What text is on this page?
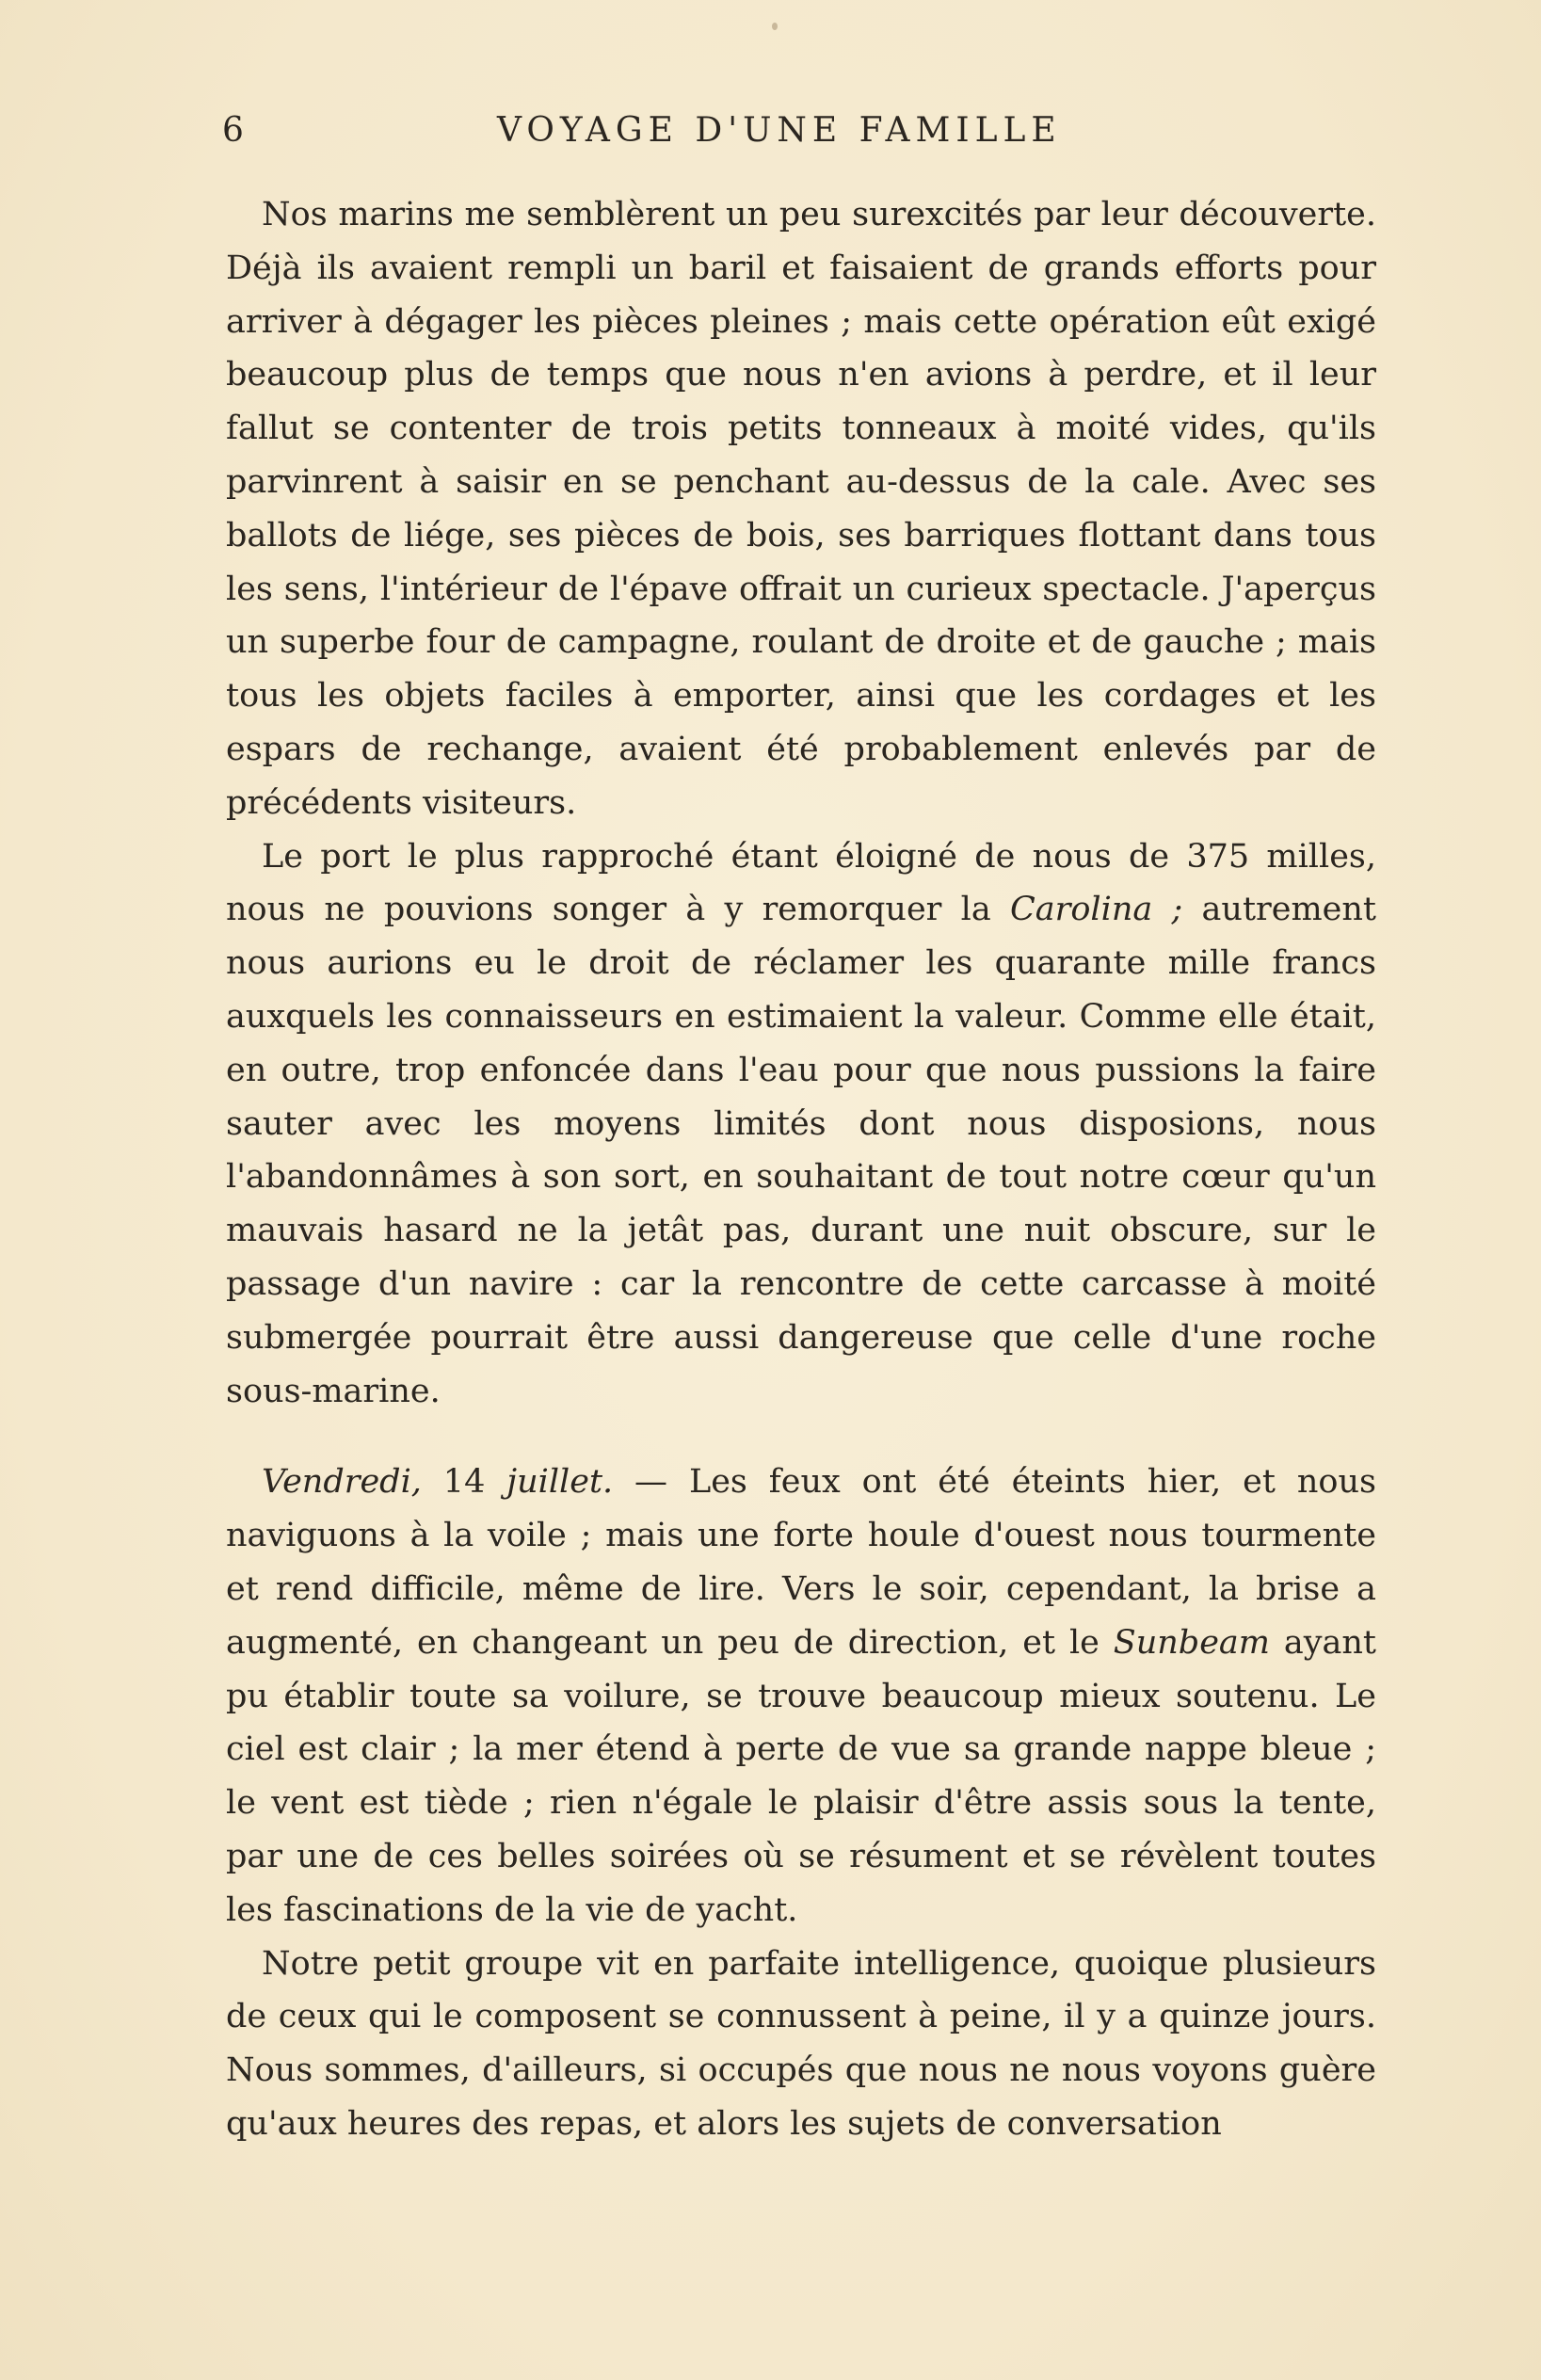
6	VOYAGE D'UNE FAMILLE

Nos marins me semblèrent un peu surexcités par leur découverte. Déjà ils avaient rempli un baril et faisaient de grands efforts pour arriver à dégager les pièces pleines ; mais cette opération eût exigé beaucoup plus de temps que nous n'en avions à perdre, et il leur fallut se contenter de trois petits tonneaux à moité vides, qu'ils parvinrent à saisir en se penchant au-dessus de la cale. Avec ses ballots de liége, ses pièces de bois, ses barriques flottant dans tous les sens, l'intérieur de l'épave offrait un curieux spectacle. J'aperçus un superbe four de campagne, roulant de droite et de gauche ; mais tous les objets faciles à emporter, ainsi que les cordages et les espars de rechange, avaient été probablement enlevés par de précédents visiteurs.

Le port le plus rapproché étant éloigné de nous de 375 milles, nous ne pouvions songer à y remorquer la Carolina ; autrement nous aurions eu le droit de réclamer les quarante mille francs auxquels les connaisseurs en estimaient la valeur. Comme elle était, en outre, trop enfoncée dans l'eau pour que nous pussions la faire sauter avec les moyens limités dont nous disposions, nous l'abandonnâmes à son sort, en souhaitant de tout notre cœur qu'un mauvais hasard ne la jetât pas, durant une nuit obscure, sur le passage d'un navire : car la rencontre de cette carcasse à moité submergée pourrait être aussi dangereuse que celle d'une roche sous-marine.

Vendredi, 14 juillet. — Les feux ont été éteints hier, et nous naviguons à la voile ; mais une forte houle d'ouest nous tourmente et rend difficile, même de lire. Vers le soir, cependant, la brise a augmenté, en changeant un peu de direction, et le Sunbeam ayant pu établir toute sa voilure, se trouve beaucoup mieux soutenu. Le ciel est clair ; la mer étend à perte de vue sa grande nappe bleue ; le vent est tiède ; rien n'égale le plaisir d'être assis sous la tente, par une de ces belles soirées où se résument et se révèlent toutes les fascinations de la vie de yacht.

Notre petit groupe vit en parfaite intelligence, quoique plusieurs de ceux qui le composent se connussent à peine, il y a quinze jours. Nous sommes, d'ailleurs, si occupés que nous ne nous voyons guère qu'aux heures des repas, et alors les sujets de conversation
